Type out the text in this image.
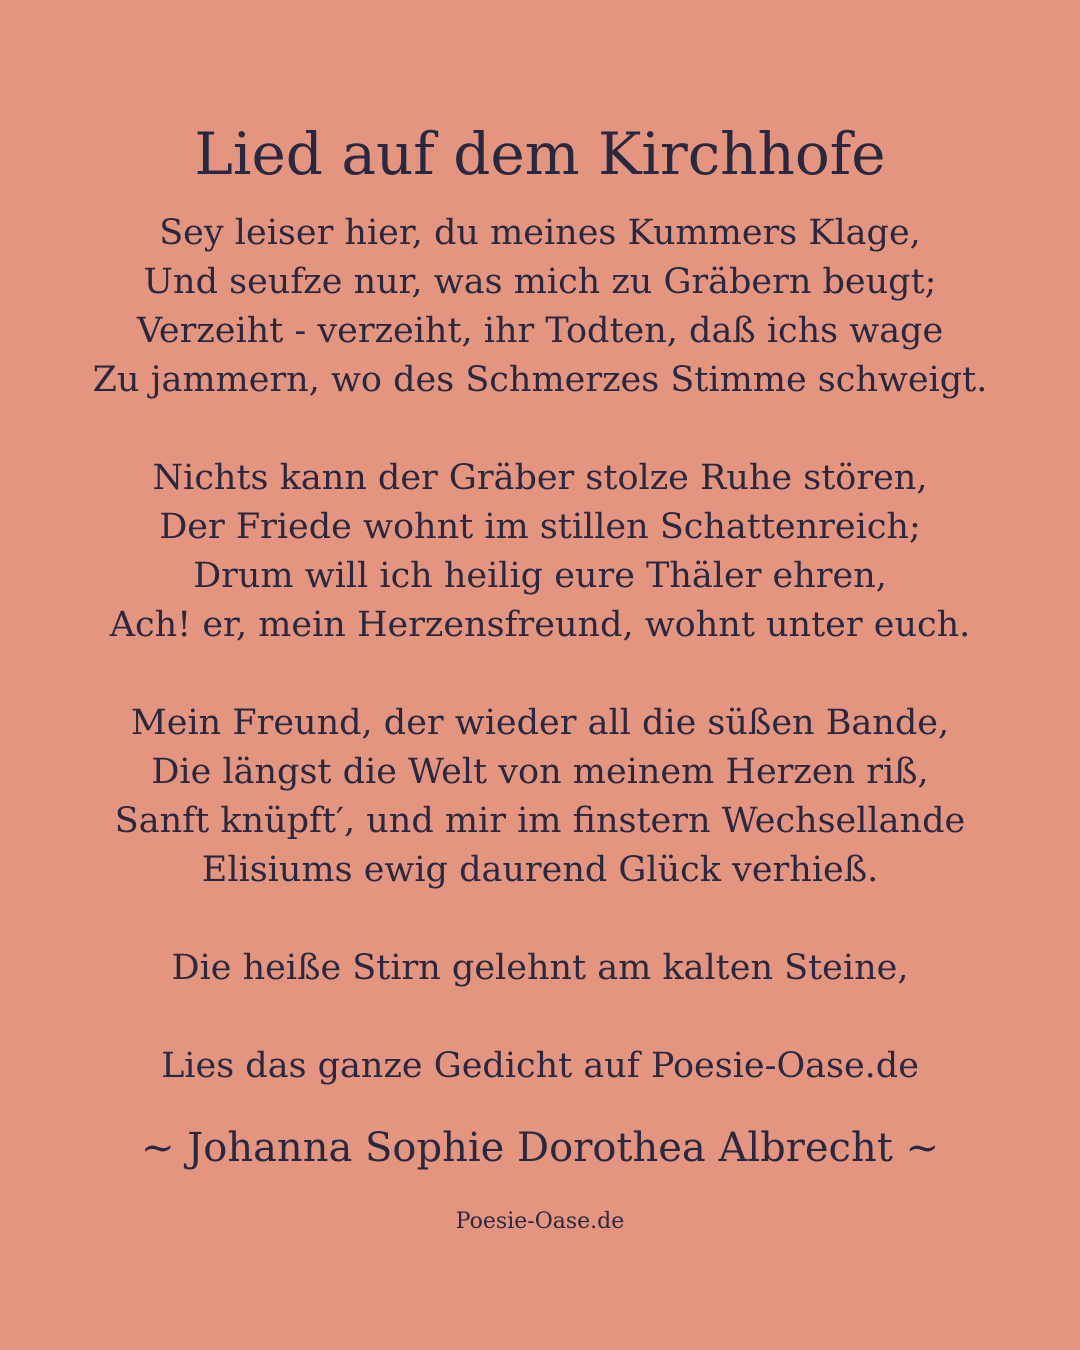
Lied auf dem Kirchhofe
Sey leiser hier, du meines Kummers Klage,
Und seufze nur, was mich zu Gräbern beugt;
Verzeiht - verzeiht, ihr Todten, daß ichs wage
Zu jammern, wo des Schmerzes Stimme schweigt.
Nichts kann der Gräber stolze Ruhe stören,
Der Friede wohnt im stillen Schattenreich;
Drum will ich heilig eure Thäler ehren,
Ach! er, mein Herzensfreund, wohnt unter euch.
Mein Freund, der wieder all die süßen Bande,
Die längst die Welt von meinem Herzen riß,
Sanft knüpft′, und mir im finstern Wechsellande
Elisiums ewig daurend Glück verhieß.
Die heiße Stirn gelehnt am kalten Steine,
Lies das ganze Gedicht auf Poesie-Oase.de
~ Johanna Sophie Dorothea Albrecht ~
Poesie-Oase.de
